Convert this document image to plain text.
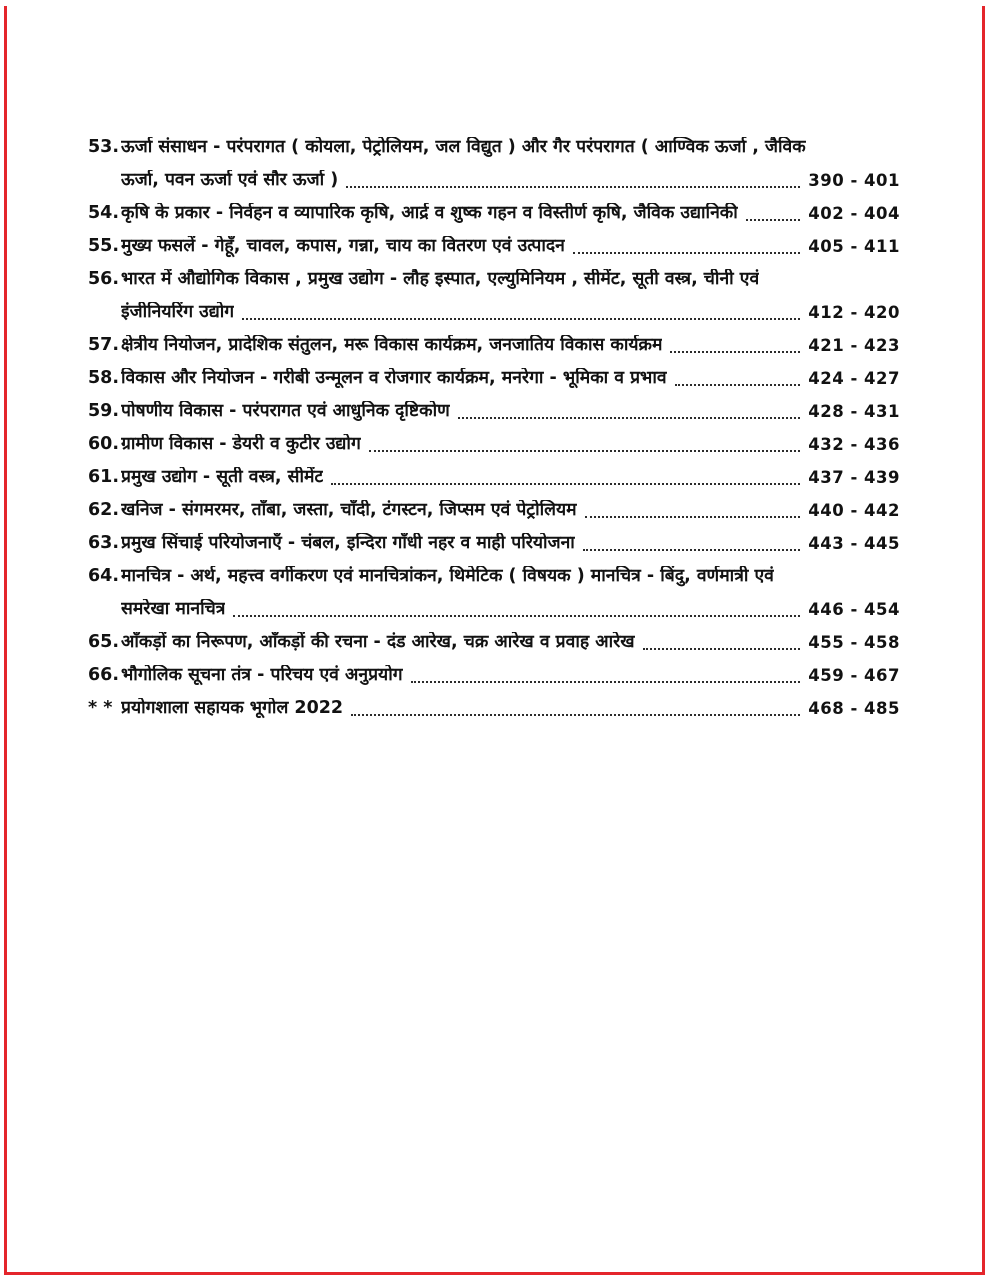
53. ऊर्जा संसाधन - परंपरागत ( कोयला, पेट्रोलियम, जल विद्युत ) और गैर परंपरागत ( आण्विक ऊर्जा , जैविक
ऊर्जा, पवन ऊर्जा एवं सौर ऊर्जा )	390 - 401
54. कृषि के प्रकार - निर्वहन व व्यापारिक कृषि, आर्द्र व शुष्क गहन व विस्तीर्ण कृषि, जैविक उद्यानिकी	402 - 404
55. मुख्य फसलें - गेहूँ, चावल, कपास, गन्ना, चाय का वितरण एवं उत्पादन	405 - 411
56. भारत में औद्योगिक विकास , प्रमुख उद्योग - लौह इस्पात, एल्युमिनियम , सीमेंट, सूती वस्त्र, चीनी एवं
इंजीनियरिंग उद्योग	412 - 420
57. क्षेत्रीय नियोजन, प्रादेशिक संतुलन, मरू विकास कार्यक्रम, जनजातिय विकास कार्यक्रम	421 - 423
58. विकास और नियोजन - गरीबी उन्मूलन व रोजगार कार्यक्रम, मनरेगा - भूमिका व प्रभाव	424 - 427
59. पोषणीय विकास - परंपरागत एवं आधुनिक दृष्टिकोण	428 - 431
60. ग्रामीण विकास - डेयरी व कुटीर उद्योग	432 - 436
61. प्रमुख उद्योग - सूती वस्त्र, सीमेंट	437 - 439
62. खनिज - संगमरमर, ताँबा, जस्ता, चाँदी, टंगस्टन, जिप्सम एवं पेट्रोलियम	440 - 442
63. प्रमुख सिंचाई परियोजनाएँ - चंबल, इन्दिरा गाँधी नहर व माही परियोजना	443 - 445
64. मानचित्र - अर्थ, महत्त्व वर्गीकरण एवं मानचित्रांकन, थिमेटिक ( विषयक ) मानचित्र - बिंदु, वर्णमात्री एवं
समरेखा मानचित्र	446 - 454
65. आँकड़ों का निरूपण, आँकड़ों की रचना - दंड आरेख, चक्र आरेख व प्रवाह आरेख	455 - 458
66. भौगोलिक सूचना तंत्र - परिचय एवं अनुप्रयोग	459 - 467
* * प्रयोगशाला सहायक भूगोल 2022	468 - 485
